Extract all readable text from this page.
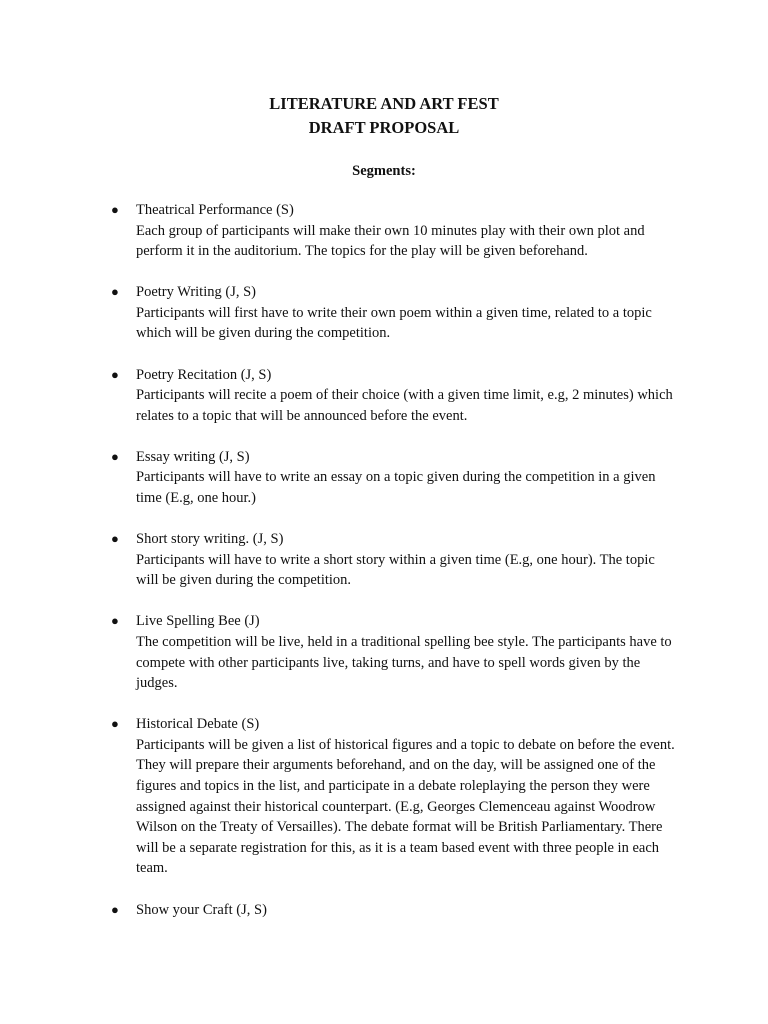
LITERATURE AND ART FEST
DRAFT PROPOSAL
Segments:
● Theatrical Performance (S)
Each group of participants will make their own 10 minutes play with their own plot and perform it in the auditorium. The topics for the play will be given beforehand.
● Poetry Writing (J, S)
Participants will first have to write their own poem within a given time, related to a topic which will be given during the competition.
● Poetry Recitation (J, S)
Participants will recite a poem of their choice (with a given time limit, e.g, 2 minutes) which relates to a topic that will be announced before the event.
● Essay writing (J, S)
Participants will have to write an essay on a topic given during the competition in a given time (E.g, one hour.)
● Short story writing. (J, S)
Participants will have to write a short story within a given time (E.g, one hour). The topic will be given during the competition.
● Live Spelling Bee (J)
The competition will be live, held in a traditional spelling bee style. The participants have to compete with other participants live, taking turns, and have to spell words given by the judges.
● Historical Debate (S)
Participants will be given a list of historical figures and a topic to debate on before the event. They will prepare their arguments beforehand, and on the day, will be assigned one of the figures and topics in the list, and participate in a debate roleplaying the person they were assigned against their historical counterpart. (E.g, Georges Clemenceau against Woodrow Wilson on the Treaty of Versailles). The debate format will be British Parliamentary. There will be a separate registration for this, as it is a team based event with three people in each team.
● Show your Craft (J, S)
